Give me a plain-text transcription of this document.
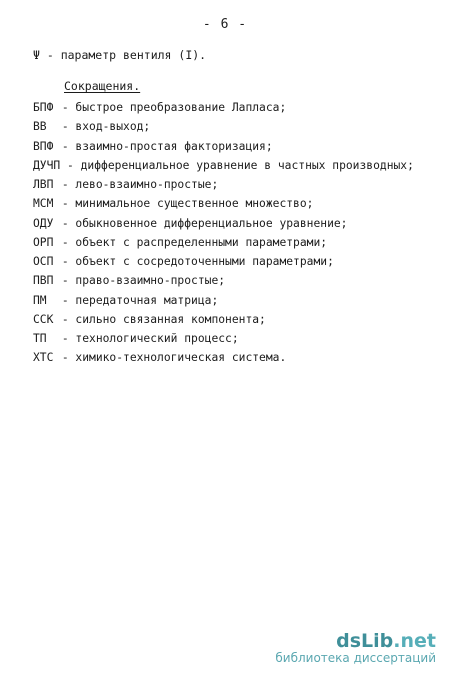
- 6 -
Ψ - параметр вентиля (I).
Сокращения.
БПФ - быстрое преобразование Лапласа;
ВВ - вход-выход;
ВПФ - взаимно-простая факторизация;
ДУЧП - дифференциальное уравнение в частных производных;
ЛВП - лево-взаимно-простые;
МСМ - минимальное существенное множество;
ОДУ - обыкновенное дифференциальное уравнение;
ОРП - объект с распределенными параметрами;
ОСП - объект с сосредоточенными параметрами;
ПВП - право-взаимно-простые;
ПМ - передаточная матрица;
ССК - сильно связанная компонента;
ТП - технологический процесс;
ХТС - химико-технологическая система.
dsLib.net
библиотека диссертаций
